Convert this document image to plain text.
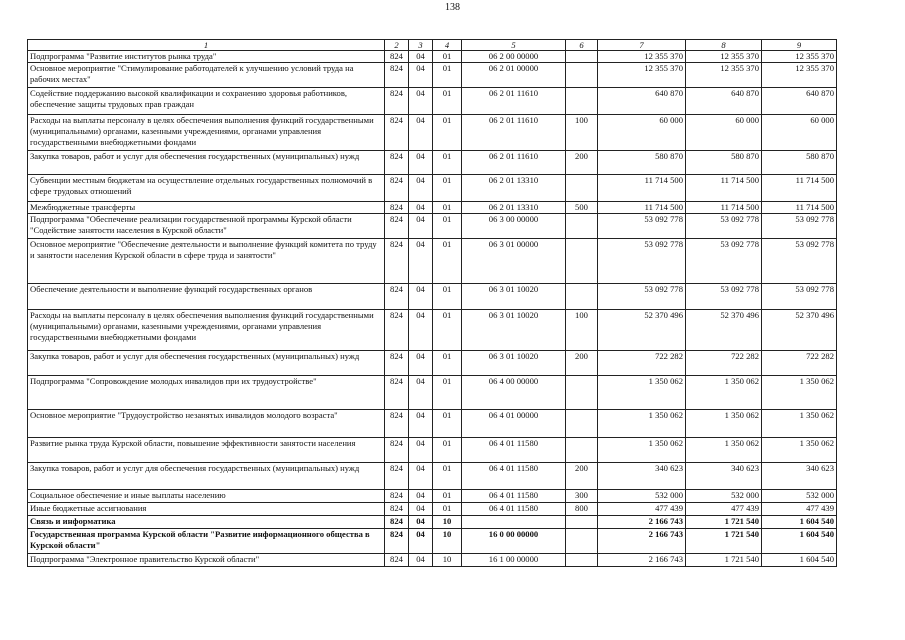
138
1	2	3	4	5	6	7	8	9
Подпрограмма "Развитие институтов рынка труда"	824	04	01	06 2 00 00000		12 355 370	12 355 370	12 355 370
Основное мероприятие "Стимулирование работодателей к улучшению условий труда на рабочих местах"	824	04	01	06 2 01 00000		12 355 370	12 355 370	12 355 370
Содействие поддержанию высокой квалификации и сохранению здоровья работников, обеспечение защиты трудовых прав граждан	824	04	01	06 2 01 11610		640 870	640 870	640 870
Расходы на выплаты персоналу в целях обеспечения выполнения функций государственными (муниципальными) органами, казенными учреждениями, органами управления государственными внебюджетными фондами	824	04	01	06 2 01 11610	100	60 000	60 000	60 000
Закупка товаров, работ и услуг для обеспечения государственных (муниципальных) нужд	824	04	01	06 2 01 11610	200	580 870	580 870	580 870
Субвенции местным бюджетам на осуществление отдельных государственных полномочий в сфере трудовых отношений	824	04	01	06 2 01 13310		11 714 500	11 714 500	11 714 500
Межбюджетные трансферты	824	04	01	06 2 01 13310	500	11 714 500	11 714 500	11 714 500
Подпрограмма "Обеспечение реализации государственной программы Курской области "Содействие занятости населения в Курской области"	824	04	01	06 3 00 00000		53 092 778	53 092 778	53 092 778
Основное мероприятие "Обеспечение деятельности и выполнение функций комитета по труду и занятости населения Курской области в сфере труда и занятости"	824	04	01	06 3 01 00000		53 092 778	53 092 778	53 092 778
Обеспечение деятельности и выполнение функций государственных органов	824	04	01	06 3 01 10020		53 092 778	53 092 778	53 092 778
Расходы на выплаты персоналу в целях обеспечения выполнения функций государственными (муниципальными) органами, казенными учреждениями, органами управления государственными внебюджетными фондами	824	04	01	06 3 01 10020	100	52 370 496	52 370 496	52 370 496
Закупка товаров, работ и услуг для обеспечения государственных (муниципальных) нужд	824	04	01	06 3 01 10020	200	722 282	722 282	722 282
Подпрограмма "Сопровождение молодых инвалидов при их трудоустройстве"	824	04	01	06 4 00 00000		1 350 062	1 350 062	1 350 062
Основное мероприятие "Трудоустройство незанятых инвалидов молодого возраста"	824	04	01	06 4 01 00000		1 350 062	1 350 062	1 350 062
Развитие рынка труда Курской области, повышение эффективности занятости населения	824	04	01	06 4 01 11580		1 350 062	1 350 062	1 350 062
Закупка товаров, работ и услуг для обеспечения государственных (муниципальных) нужд	824	04	01	06 4 01 11580	200	340 623	340 623	340 623
Социальное обеспечение и иные выплаты населению	824	04	01	06 4 01 11580	300	532 000	532 000	532 000
Иные бюджетные ассигнования	824	04	01	06 4 01 11580	800	477 439	477 439	477 439
Связь и информатика	824	04	10			2 166 743	1 721 540	1 604 540
Государственная программа Курской области "Развитие информационного общества в Курской области"	824	04	10	16 0 00 00000		2 166 743	1 721 540	1 604 540
Подпрограмма "Электронное правительство Курской области"	824	04	10	16 1 00 00000		2 166 743	1 721 540	1 604 540
